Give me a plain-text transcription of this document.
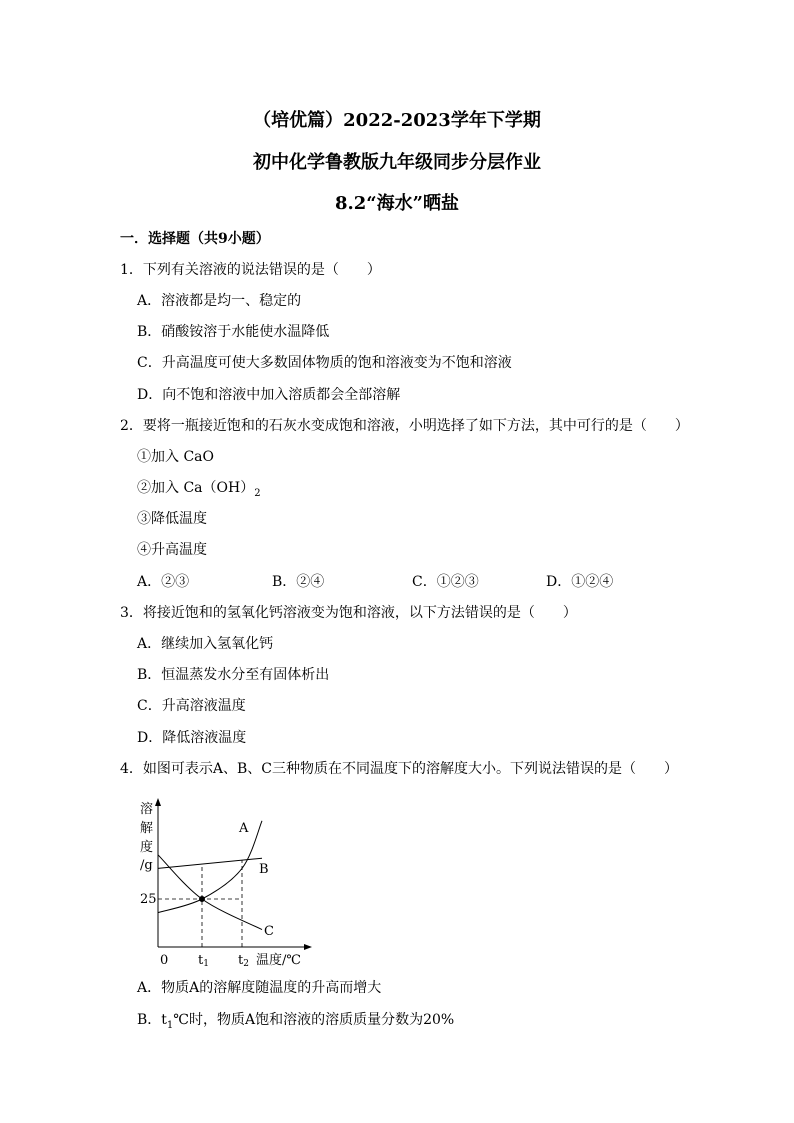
（培优篇）2022-2023学年下学期
初中化学鲁教版九年级同步分层作业
8.2“海水”晒盐
一．选择题（共9小题）
1．下列有关溶液的说法错误的是（　　）
A．溶液都是均一、稳定的
B．硝酸铵溶于水能使水温降低
C．升高温度可使大多数固体物质的饱和溶液变为不饱和溶液
D．向不饱和溶液中加入溶质都会全部溶解
2．要将一瓶接近饱和的石灰水变成饱和溶液，小明选择了如下方法，其中可行的是（　　）
①加入 CaO
②加入 $Ca(OH)_2$
③降低温度
④升高温度
A．②③	B．②④	C．①②③	D．①②④
3．将接近饱和的氢氧化钙溶液变为饱和溶液，以下方法错误的是（　　）
A．继续加入氢氧化钙
B．恒温蒸发水分至有固体析出
C．升高溶液温度
D．降低溶液温度
4．如图可表示A、B、C三种物质在不同温度下的溶解度大小。下列说法错误的是（　　）
溶
解
度
/g
25
0 t1 t2 温度/℃
A
B
C
A．物质A的溶解度随温度的升高而增大
B．$t_1℃$时，物质A饱和溶液的溶质质量分数为20%
